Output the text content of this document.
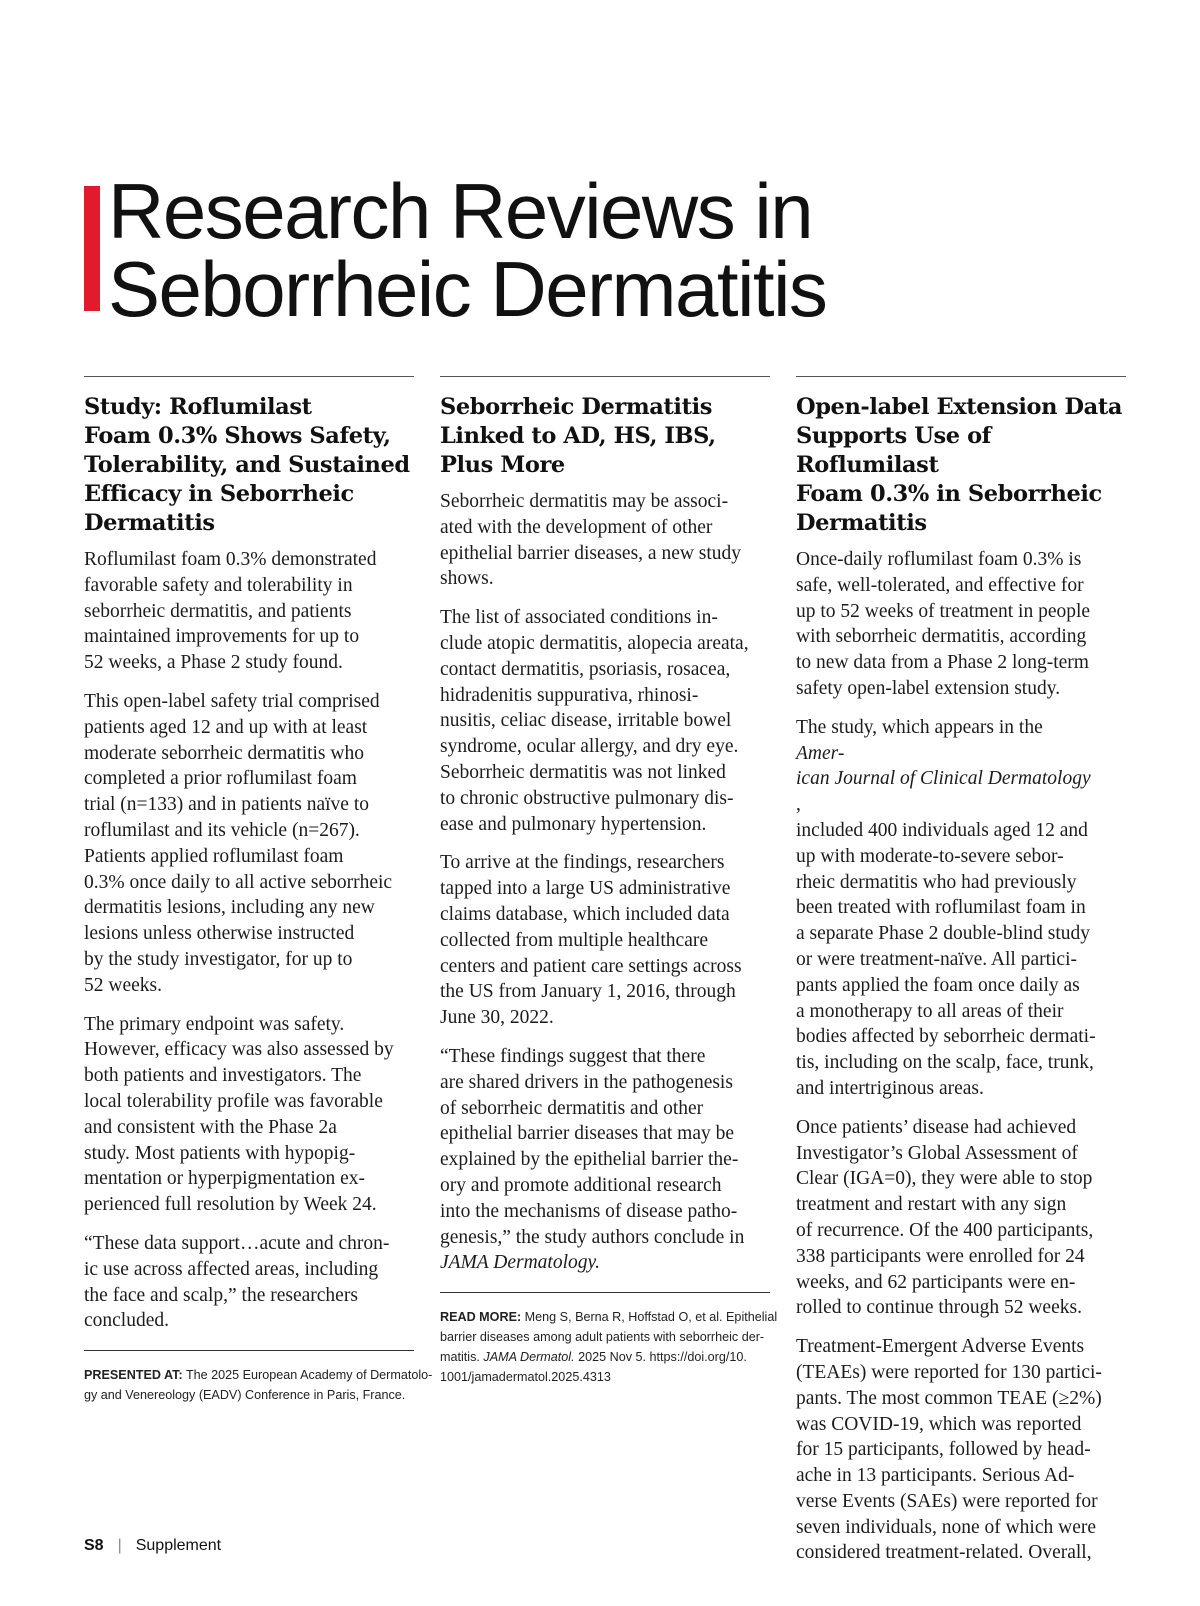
Research Reviews in
Seborrheic Dermatitis
Study: Roflumilast
Foam 0.3% Shows Safety,
Tolerability, and Sustained
Efficacy in Seborrheic
Dermatitis

Roflumilast foam 0.3% demonstrated
favorable safety and tolerability in
seborrheic dermatitis, and patients
maintained improvements for up to
52 weeks, a Phase 2 study found.

This open-label safety trial comprised
patients aged 12 and up with at least
moderate seborrheic dermatitis who
completed a prior roflumilast foam
trial (n=133) and in patients naïve to
roflumilast and its vehicle (n=267).
Patients applied roflumilast foam
0.3% once daily to all active seborrheic
dermatitis lesions, including any new
lesions unless otherwise instructed
by the study investigator, for up to
52 weeks.

The primary endpoint was safety.
However, efficacy was also assessed by
both patients and investigators. The
local tolerability profile was favorable
and consistent with the Phase 2a
study. Most patients with hypopig-
mentation or hyperpigmentation ex-
perienced full resolution by Week 24.

“These data support…acute and chron-
ic use across affected areas, including
the face and scalp,” the researchers
concluded.

PRESENTED AT: The 2025 European Academy of Dermatolo-
gy and Venereology (EADV) Conference in Paris, France.
Seborrheic Dermatitis
Linked to AD, HS, IBS,
Plus More

Seborrheic dermatitis may be associ-
ated with the development of other
epithelial barrier diseases, a new study
shows.

The list of associated conditions in-
clude atopic dermatitis, alopecia areata,
contact dermatitis, psoriasis, rosacea,
hidradenitis suppurativa, rhinosi-
nusitis, celiac disease, irritable bowel
syndrome, ocular allergy, and dry eye.
Seborrheic dermatitis was not linked
to chronic obstructive pulmonary dis-
ease and pulmonary hypertension.

To arrive at the findings, researchers
tapped into a large US administrative
claims database, which included data
collected from multiple healthcare
centers and patient care settings across
the US from January 1, 2016, through
June 30, 2022.

“These findings suggest that there
are shared drivers in the pathogenesis
of seborrheic dermatitis and other
epithelial barrier diseases that may be
explained by the epithelial barrier the-
ory and promote additional research
into the mechanisms of disease patho-
genesis,” the study authors conclude in
JAMA Dermatology.

READ MORE: Meng S, Berna R, Hoffstad O, et al. Epithelial
barrier diseases among adult patients with seborrheic der-
matitis. JAMA Dermatol. 2025 Nov 5. https://doi.org/10.
1001/jamadermatol.2025.4313
Open-label Extension Data
Supports Use of Roflumilast
Foam 0.3% in Seborrheic
Dermatitis

Once-daily roflumilast foam 0.3% is
safe, well-tolerated, and effective for
up to 52 weeks of treatment in people
with seborrheic dermatitis, according
to new data from a Phase 2 long-term
safety open-label extension study.

The study, which appears in the
Amer-
ican Journal of Clinical Dermatology
,
included 400 individuals aged 12 and
up with moderate-to-severe sebor-
rheic dermatitis who had previously
been treated with roflumilast foam in
a separate Phase 2 double-blind study
or were treatment-naïve. All partici-
pants applied the foam once daily as
a monotherapy to all areas of their
bodies affected by seborrheic dermati-
tis, including on the scalp, face, trunk,
and intertriginous areas.

Once patients’ disease had achieved
Investigator’s Global Assessment of
Clear (IGA=0), they were able to stop
treatment and restart with any sign
of recurrence. Of the 400 participants,
338 participants were enrolled for 24
weeks, and 62 participants were en-
rolled to continue through 52 weeks.

Treatment-Emergent Adverse Events
(TEAEs) were reported for 130 partici-
pants. The most common TEAE (≥2%)
was COVID-19, which was reported
for 15 participants, followed by head-
ache in 13 participants. Serious Ad-
verse Events (SAEs) were reported for
seven individuals, none of which were
considered treatment-related. Overall,

S8 | Supplement
